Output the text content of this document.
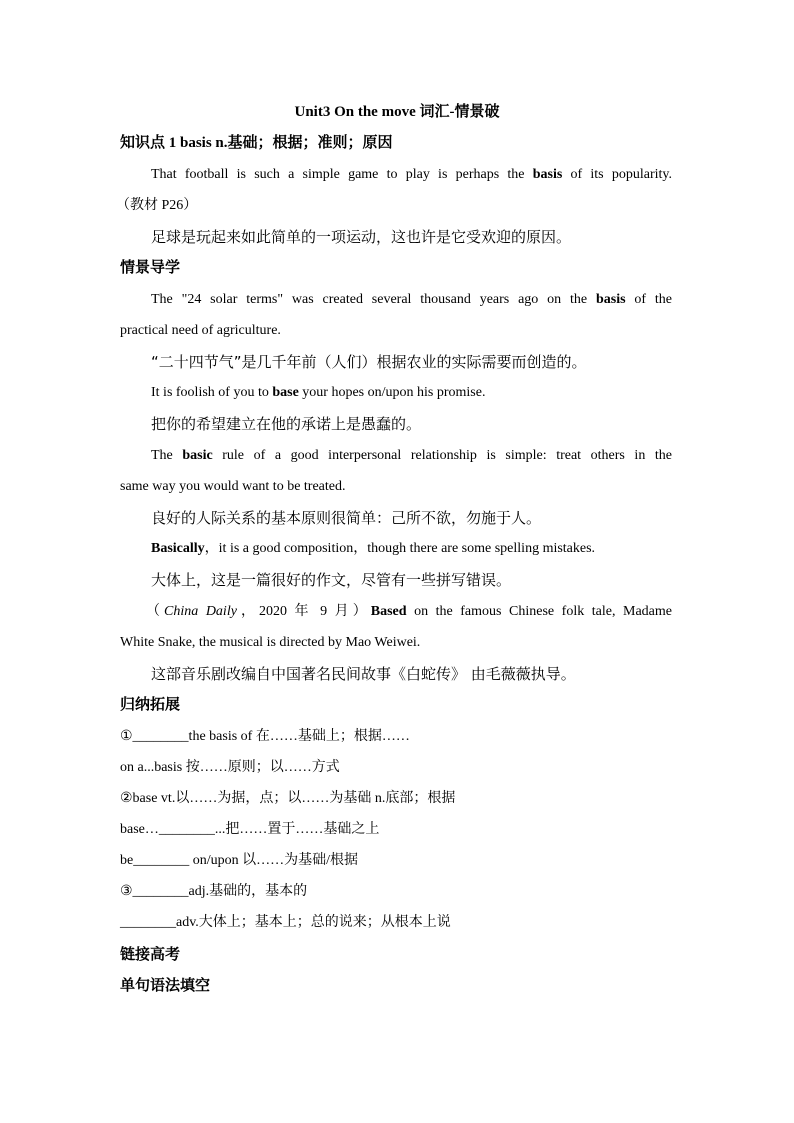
Unit3 On the move 词汇-情景破
知识点 1 basis n.基础；根据；准则；原因
That football is such a simple game to play is perhaps the basis of its popularity.
（教材 P26）
足球是玩起来如此简单的一项运动，这也许是它受欢迎的原因。
情景导学
The "24 solar terms" was created several thousand years ago on the basis of the
practical need of agriculture.
“二十四节气”是几千年前（人们）根据农业的实际需要而创造的。
It is foolish of you to base your hopes on/upon his promise.
把你的希望建立在他的承诺上是愚蠢的。
The basic rule of a good interpersonal relationship is simple: treat others in the
same way you would want to be treated.
良好的人际关系的基本原则很简单：己所不欲，勿施于人。
Basically，it is a good composition，though there are some spelling mistakes.
大体上，这是一篇很好的作文，尽管有一些拼写错误。
（China Daily，2020 年 9 月）Based on the famous Chinese folk tale, Madame
White Snake, the musical is directed by Mao Weiwei.
这部音乐剧改编自中国著名民间故事《白蛇传》 由毛薇薇执导。
归纳拓展
①________the basis of 在……基础上；根据……
on a...basis 按……原则；以……方式
②base vt.以……为据，点；以……为基础 n.底部；根据
base…________...把……置于……基础之上
be________ on/upon 以……为基础/根据
③________adj.基础的，基本的
________adv.大体上；基本上；总的说来；从根本上说
链接高考
单句语法填空
